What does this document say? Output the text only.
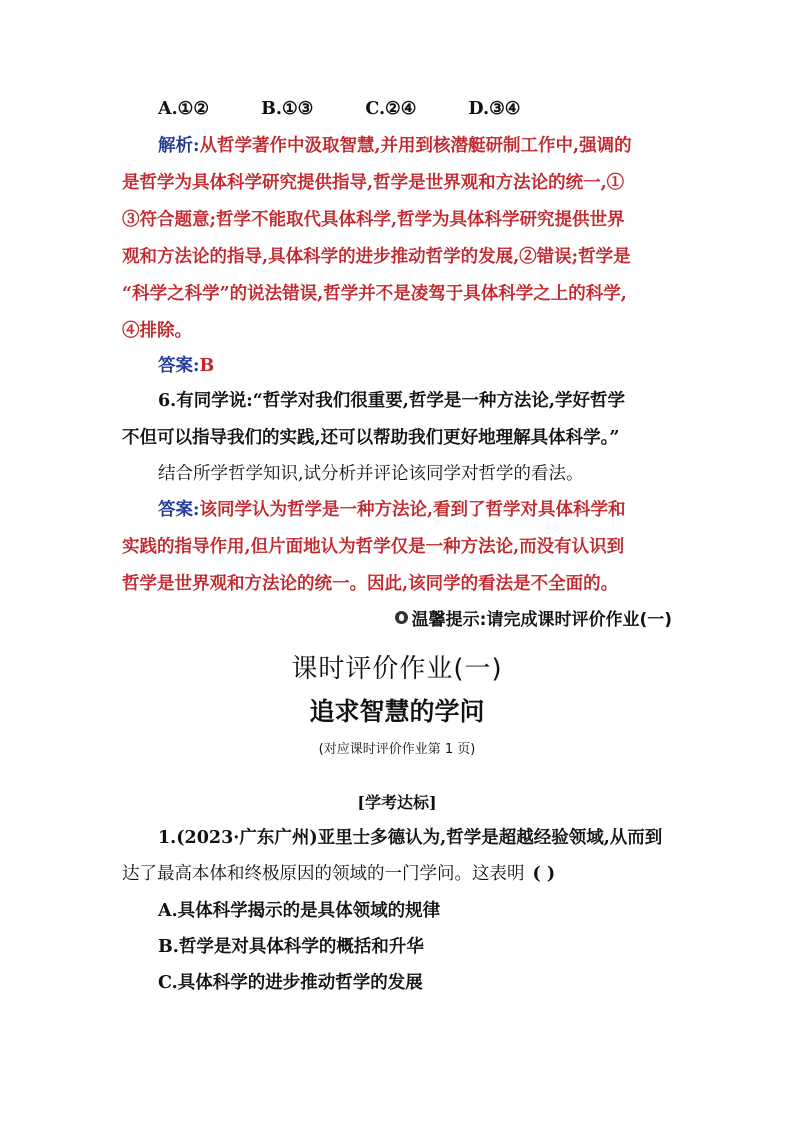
A.①②	B.①③	C.②④	D.③④
解析:从哲学著作中汲取智慧,并用到核潜艇研制工作中,强调的
是哲学为具体科学研究提供指导,哲学是世界观和方法论的统一,①
③符合题意;哲学不能取代具体科学,哲学为具体科学研究提供世界
观和方法论的指导,具体科学的进步推动哲学的发展,②错误;哲学是
“科学之科学”的说法错误,哲学并不是凌驾于具体科学之上的科学,
④排除。
答案:B
6.有同学说:“哲学对我们很重要,哲学是一种方法论,学好哲学
不但可以指导我们的实践,还可以帮助我们更好地理解具体科学。”
结合所学哲学知识,试分析并评论该同学对哲学的看法。
答案:该同学认为哲学是一种方法论,看到了哲学对具体科学和
实践的指导作用,但片面地认为哲学仅是一种方法论,而没有认识到
哲学是世界观和方法论的统一。因此,该同学的看法是不全面的。
温馨提示:请完成课时评价作业(一)
课时评价作业(一)
追求智慧的学问
(对应课时评价作业第 1 页)
[学考达标]
1.(2023·广东广州)亚里士多德认为,哲学是超越经验领域,从而到
达了最高本体和终极原因的领域的一门学问。这表明 ( )
A.具体科学揭示的是具体领域的规律
B.哲学是对具体科学的概括和升华
C.具体科学的进步推动哲学的发展
